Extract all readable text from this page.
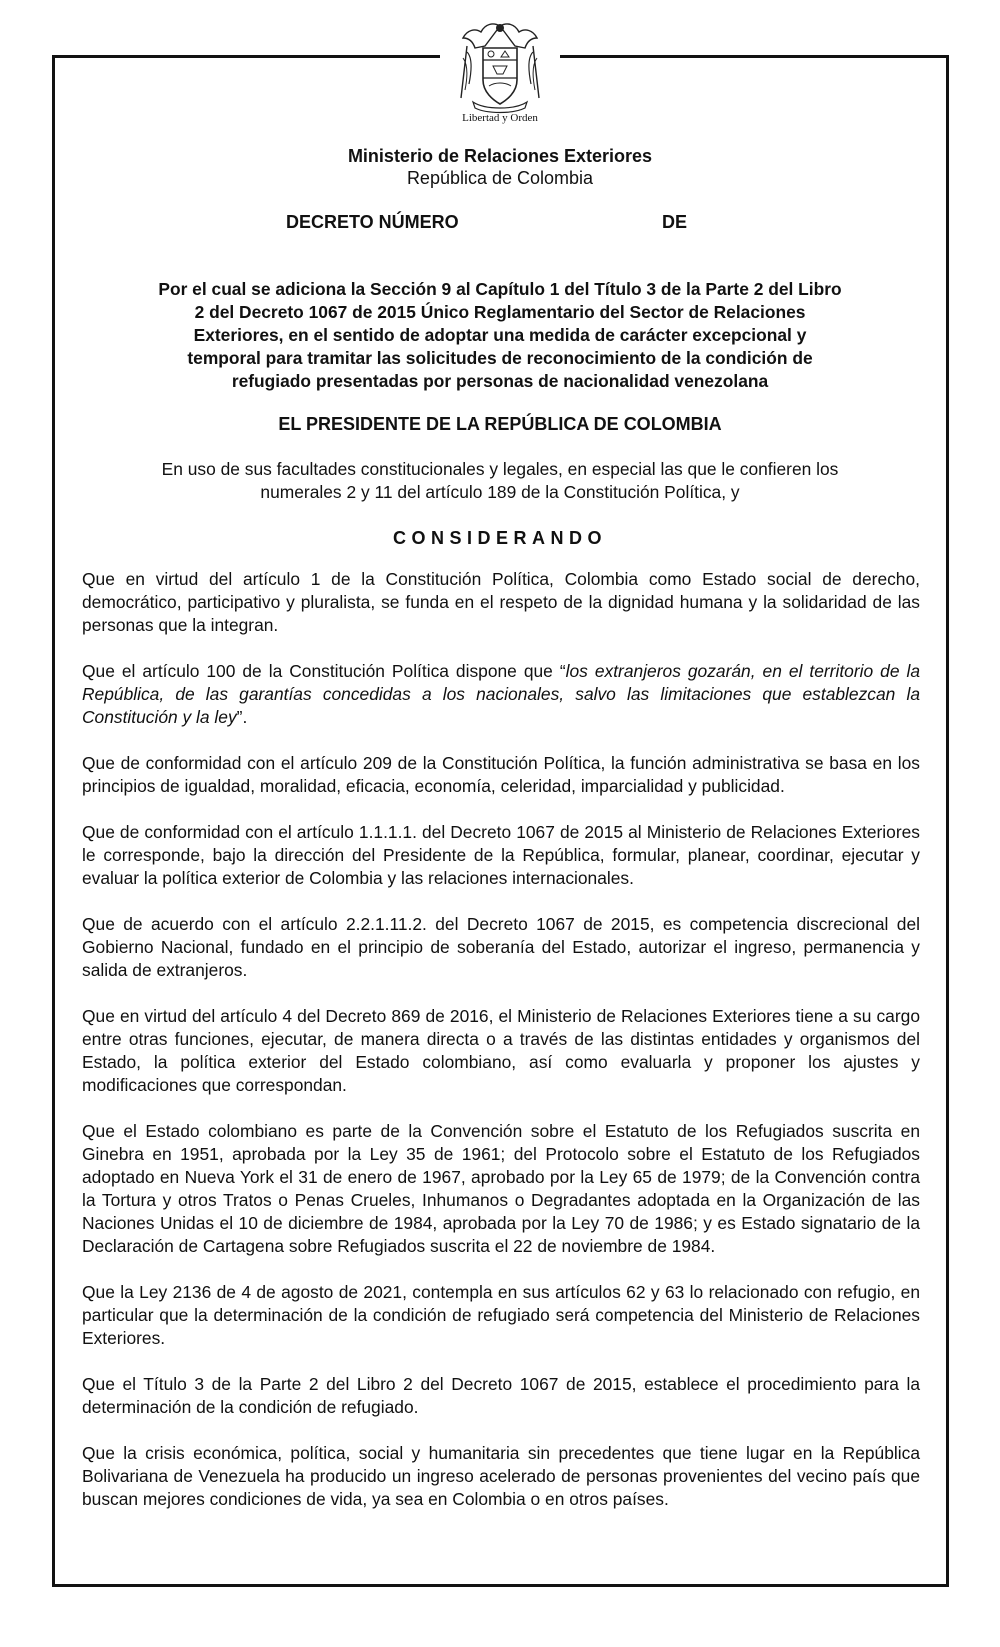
Libertad y Orden
Ministerio de Relaciones Exteriores
República de Colombia
DECRETO NÚMERO	DE
Por el cual se adiciona la Sección 9 al Capítulo 1 del Título 3 de la Parte 2 del Libro
2 del Decreto 1067 de 2015 Único Reglamentario del Sector de Relaciones
Exteriores, en el sentido de adoptar una medida de carácter excepcional y
temporal para tramitar las solicitudes de reconocimiento de la condición de
refugiado presentadas por personas de nacionalidad venezolana
EL PRESIDENTE DE LA REPÚBLICA DE COLOMBIA
En uso de sus facultades constitucionales y legales, en especial las que le confieren los
numerales 2 y 11 del artículo 189 de la Constitución Política, y
CONSIDERANDO

Que en virtud del artículo 1 de la Constitución Política, Colombia como Estado social de derecho, democrático, participativo y pluralista, se funda en el respeto de la dignidad humana y la solidaridad de las personas que la integran.

Que el artículo 100 de la Constitución Política dispone que “los extranjeros gozarán, en el territorio de la República, de las garantías concedidas a los nacionales, salvo las limitaciones que establezcan la Constitución y la ley”.

Que de conformidad con el artículo 209 de la Constitución Política, la función administrativa se basa en los principios de igualdad, moralidad, eficacia, economía, celeridad, imparcialidad y publicidad.

Que de conformidad con el artículo 1.1.1.1. del Decreto 1067 de 2015 al Ministerio de Relaciones Exteriores le corresponde, bajo la dirección del Presidente de la República, formular, planear, coordinar, ejecutar y evaluar la política exterior de Colombia y las relaciones internacionales.

Que de acuerdo con el artículo 2.2.1.11.2. del Decreto 1067 de 2015, es competencia discrecional del Gobierno Nacional, fundado en el principio de soberanía del Estado, autorizar el ingreso, permanencia y salida de extranjeros.

Que en virtud del artículo 4 del Decreto 869 de 2016, el Ministerio de Relaciones Exteriores tiene a su cargo entre otras funciones, ejecutar, de manera directa o a través de las distintas entidades y organismos del Estado, la política exterior del Estado colombiano, así como evaluarla y proponer los ajustes y modificaciones que correspondan.

Que el Estado colombiano es parte de la Convención sobre el Estatuto de los Refugiados suscrita en Ginebra en 1951, aprobada por la Ley 35 de 1961; del Protocolo sobre el Estatuto de los Refugiados adoptado en Nueva York el 31 de enero de 1967, aprobado por la Ley 65 de 1979; de la Convención contra la Tortura y otros Tratos o Penas Crueles, Inhumanos o Degradantes adoptada en la Organización de las Naciones Unidas el 10 de diciembre de 1984, aprobada por la Ley 70 de 1986; y es Estado signatario de la Declaración de Cartagena sobre Refugiados suscrita el 22 de noviembre de 1984.

Que la Ley 2136 de 4 de agosto de 2021, contempla en sus artículos 62 y 63 lo relacionado con refugio, en particular que la determinación de la condición de refugiado será competencia del Ministerio de Relaciones Exteriores.

Que el Título 3 de la Parte 2 del Libro 2 del Decreto 1067 de 2015, establece el procedimiento para la determinación de la condición de refugiado.

Que la crisis económica, política, social y humanitaria sin precedentes que tiene lugar en la República Bolivariana de Venezuela ha producido un ingreso acelerado de personas provenientes del vecino país que buscan mejores condiciones de vida, ya sea en Colombia o en otros países.
